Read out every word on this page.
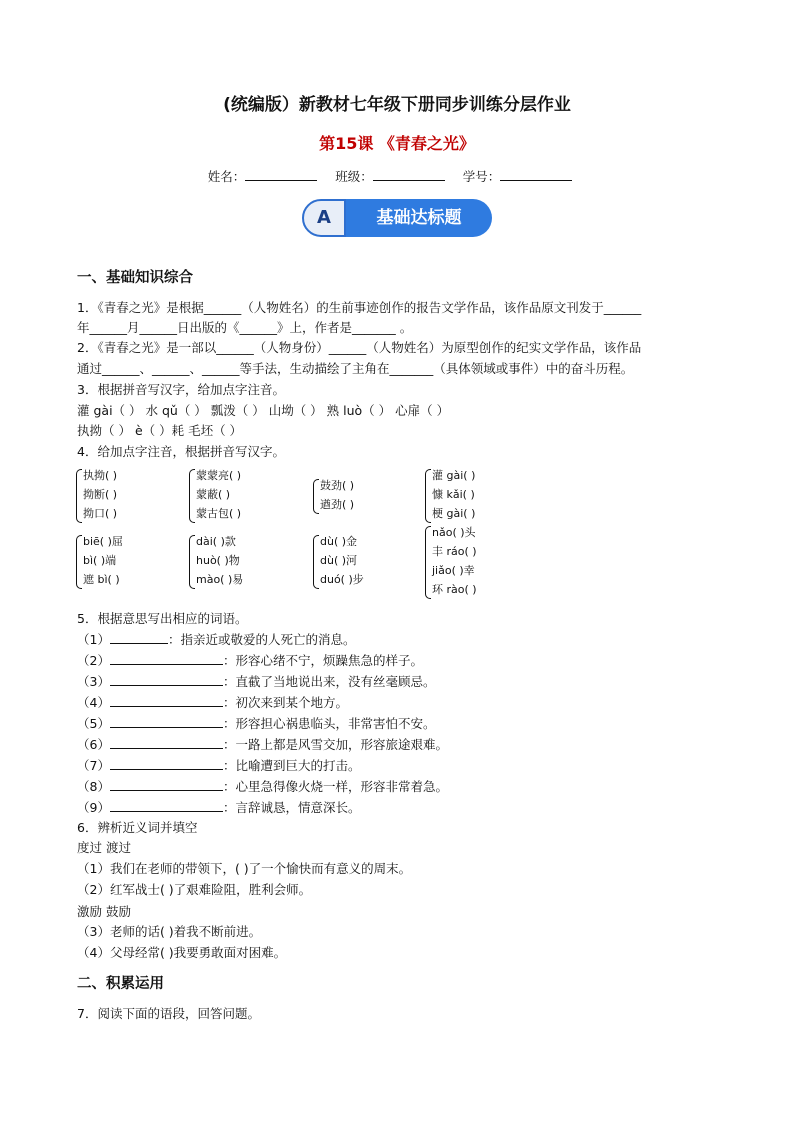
(统编版）新教材七年级下册同步训练分层作业
第15课 《青春之光》
姓名：	班级：	学号：
A	基础达标题
一、基础知识综合
1．《青春之光》是根据______（人物姓名）的生前事迹创作的报告文学作品，该作品原文刊发于______
年______月______日出版的《______》上，作者是_______ 。
2．《青春之光》是一部以______（人物身份）______（人物姓名）为原型创作的纪实文学作品，该作品
通过______、______、______等手法，生动描绘了主角在_______（具体领域或事件）中的奋斗历程。
3．根据拼音写汉字，给加点字注音。
灌 gài（ ） 水 qǔ（ ） 瓢泼（ ） 山坳（ ） 熟 luò（ ） 心扉（ ）
执拗（ ） è（ ）耗 毛坯（ ）
4．给加点字注音，根据拼音写汉字。
执拗( )
拗断( )
拗口( )
蒙蒙亮( )
蒙蔽( )
蒙古包( )
鼓劲( )
遒劲( )
灌 gài( )
慷 kǎi( )
梗 gài( )
biē( )屈
bì( )端
遮 bì( )
dài( )款
huò( )物
mào( )易
dù( )金
dù( )河
duó( )步
nǎo( )头
丰 ráo( )
jiǎo( )幸
环 rào( )
5．根据意思写出相应的词语。
（1）	：指亲近或敬爱的人死亡的消息。
（2）	：形容心绪不宁，烦躁焦急的样子。
（3）	：直截了当地说出来，没有丝毫顾忌。
（4）	：初次来到某个地方。
（5）	：形容担心祸患临头，非常害怕不安。
（6）	：一路上都是风雪交加，形容旅途艰难。
（7）	：比喻遭到巨大的打击。
（8）	：心里急得像火烧一样，形容非常着急。
（9）	：言辞诚恳，情意深长。
6．辨析近义词并填空
度过 渡过
（1）我们在老师的带领下，( )了一个愉快而有意义的周末。
（2）红军战士( )了艰难险阻，胜利会师。
激励 鼓励
（3）老师的话( )着我不断前进。
（4）父母经常( )我要勇敢面对困难。
二、积累运用
7．阅读下面的语段，回答问题。
